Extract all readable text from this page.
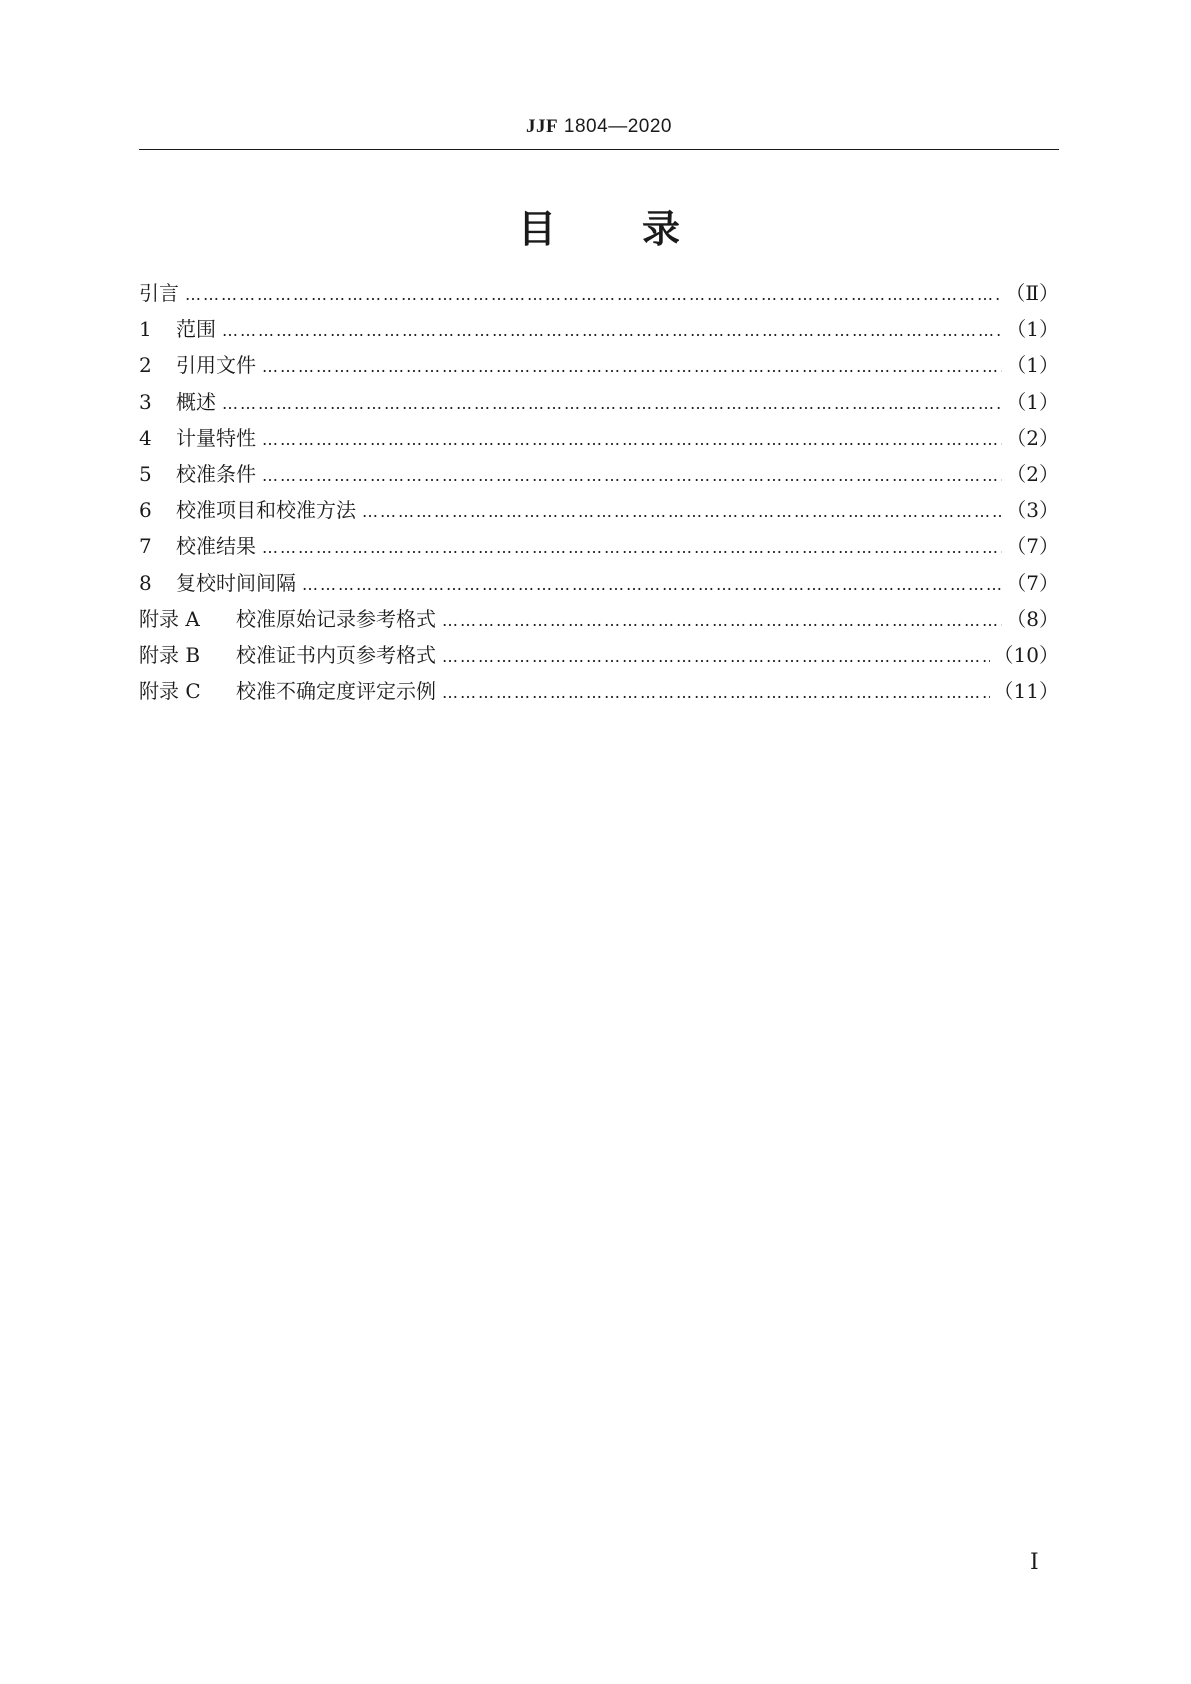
JJF 1804—2020
目 录
引言 ……………………………………………………………………………………………………………………………………………………………………………………………	（Ⅱ）
1	范围 ……………………………………………………………………………………………………………………………………………………………………………………………	（1）
2	引用文件 ……………………………………………………………………………………………………………………………………………………………………………………………	（1）
3	概述 ……………………………………………………………………………………………………………………………………………………………………………………………	（1）
4	计量特性 ……………………………………………………………………………………………………………………………………………………………………………………………	（2）
5	校准条件 ……………………………………………………………………………………………………………………………………………………………………………………………	（2）
6	校准项目和校准方法 ……………………………………………………………………………………………………………………………………………………………………………………………	（3）
7	校准结果 ……………………………………………………………………………………………………………………………………………………………………………………………	（7）
8	复校时间间隔 ……………………………………………………………………………………………………………………………………………………………………………………………	（7）
附录 A	校准原始记录参考格式 ……………………………………………………………………………………………………………………………………………………………………………………………	（8）
附录 B	校准证书内页参考格式 ……………………………………………………………………………………………………………………………………………………………………………………………	（10）
附录 C	校准不确定度评定示例 ……………………………………………………………………………………………………………………………………………………………………………………………	（11）
Ⅰ
